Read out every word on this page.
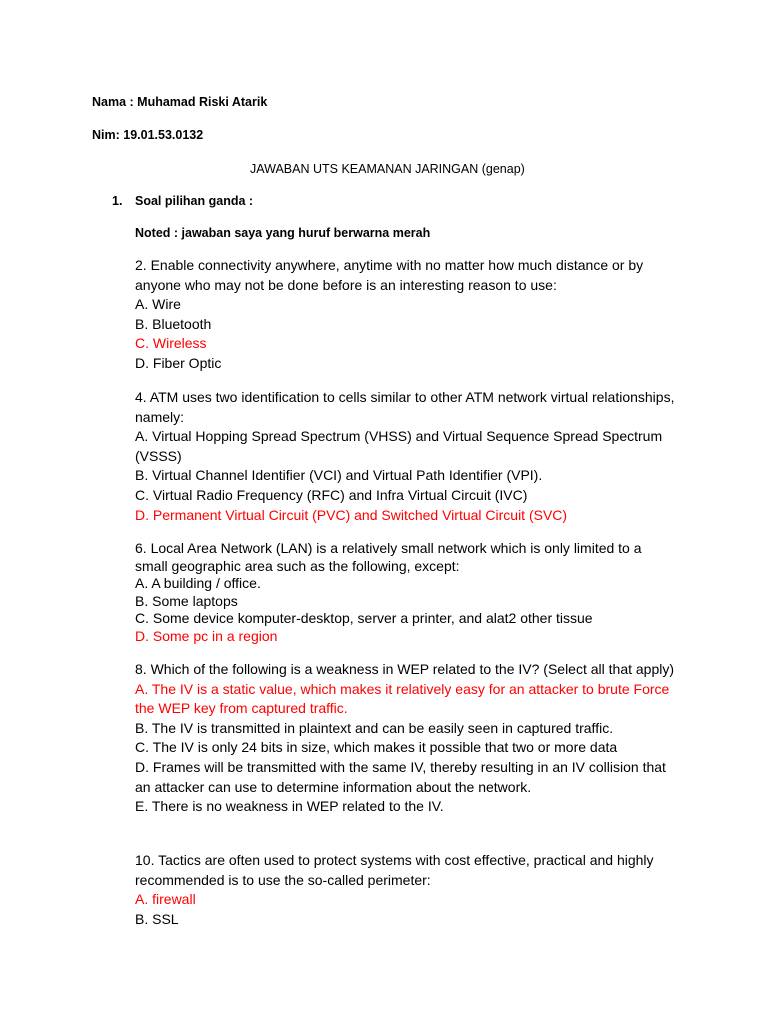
Nama : Muhamad Riski Atarik
Nim: 19.01.53.0132
JAWABAN UTS KEAMANAN JARINGAN (genap)
1. Soal pilihan ganda :
Noted : jawaban saya yang huruf berwarna merah
2. Enable connectivity anywhere, anytime with no matter how much distance or by anyone who may not be done before is an interesting reason to use:
A. Wire
B. Bluetooth
C. Wireless
D. Fiber Optic
4. ATM uses two identification to cells similar to other ATM network virtual relationships, namely:
A. Virtual Hopping Spread Spectrum (VHSS) and Virtual Sequence Spread Spectrum (VSSS)
B. Virtual Channel Identifier (VCI) and Virtual Path Identifier (VPI).
C. Virtual Radio Frequency (RFC) and Infra Virtual Circuit (IVC)
D. Permanent Virtual Circuit (PVC) and Switched Virtual Circuit (SVC)
6. Local Area Network (LAN) is a relatively small network which is only limited to a small geographic area such as the following, except:
A. A building / office.
B. Some laptops
C. Some device komputer-desktop, server a printer, and alat2 other tissue
D. Some pc in a region
8. Which of the following is a weakness in WEP related to the IV? (Select all that apply)
A. The IV is a static value, which makes it relatively easy for an attacker to brute Force the WEP key from captured traffic.
B. The IV is transmitted in plaintext and can be easily seen in captured traffic.
C. The IV is only 24 bits in size, which makes it possible that two or more data
D. Frames will be transmitted with the same IV, thereby resulting in an IV collision that an attacker can use to determine information about the network.
E. There is no weakness in WEP related to the IV.
10. Tactics are often used to protect systems with cost effective, practical and highly recommended is to use the so-called perimeter:
A. firewall
B. SSL
